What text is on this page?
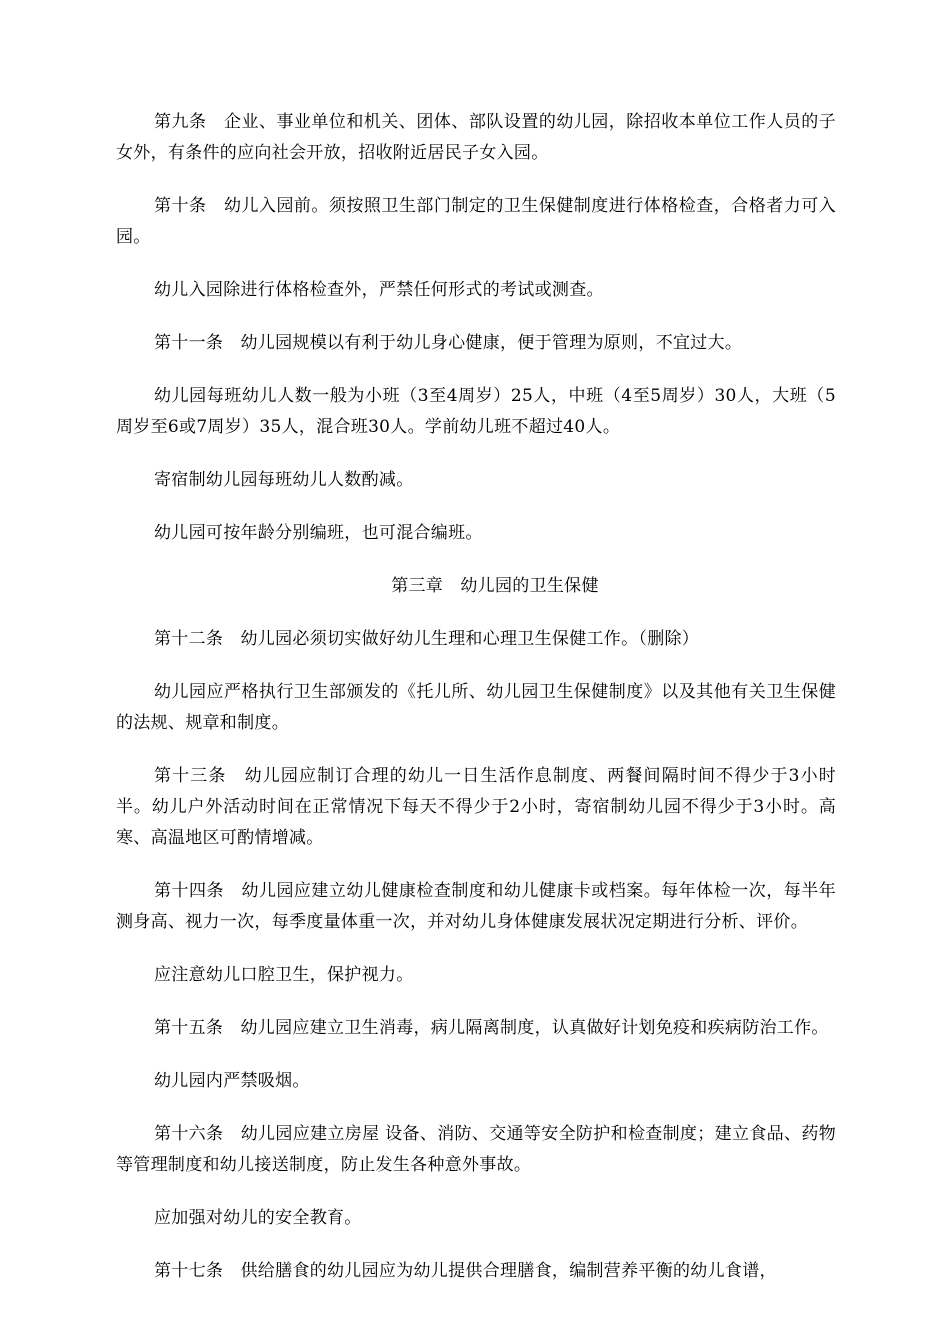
第九条　企业、事业单位和机关、团体、部队设置的幼儿园，除招收本单位工作人员的子女外，有条件的应向社会开放，招收附近居民子女入园。

第十条　幼儿入园前。须按照卫生部门制定的卫生保健制度进行体格检查，合格者力可入园。

幼儿入园除进行体格检查外，严禁任何形式的考试或测查。

第十一条　幼儿园规模以有利于幼儿身心健康，便于管理为原则，不宜过大。

幼儿园每班幼儿人数一般为小班（3至4周岁）25人，中班（4至5周岁）30人，大班（5周岁至6或7周岁）35人，混合班30人。学前幼儿班不超过40人。

寄宿制幼儿园每班幼儿人数酌减。

幼儿园可按年龄分别编班，也可混合编班。

第三章　幼儿园的卫生保健

第十二条　幼儿园必须切实做好幼儿生理和心理卫生保健工作。（删除）

幼儿园应严格执行卫生部颁发的《托儿所、幼儿园卫生保健制度》以及其他有关卫生保健的法规、规章和制度。

第十三条　幼儿园应制订合理的幼儿一日生活作息制度、两餐间隔时间不得少于3小时半。幼儿户外活动时间在正常情况下每天不得少于2小时，寄宿制幼儿园不得少于3小时。高寒、高温地区可酌情增减。

第十四条　幼儿园应建立幼儿健康检查制度和幼儿健康卡或档案。每年体检一次，每半年测身高、视力一次，每季度量体重一次，并对幼儿身体健康发展状况定期进行分析、评价。

应注意幼儿口腔卫生，保护视力。

第十五条　幼儿园应建立卫生消毒，病儿隔离制度，认真做好计划免疫和疾病防治工作。

幼儿园内严禁吸烟。

第十六条　幼儿园应建立房屋 设备、消防、交通等安全防护和检查制度；建立食品、药物等管理制度和幼儿接送制度，防止发生各种意外事故。

应加强对幼儿的安全教育。

第十七条　供给膳食的幼儿园应为幼儿提供合理膳食，编制营养平衡的幼儿食谱，
